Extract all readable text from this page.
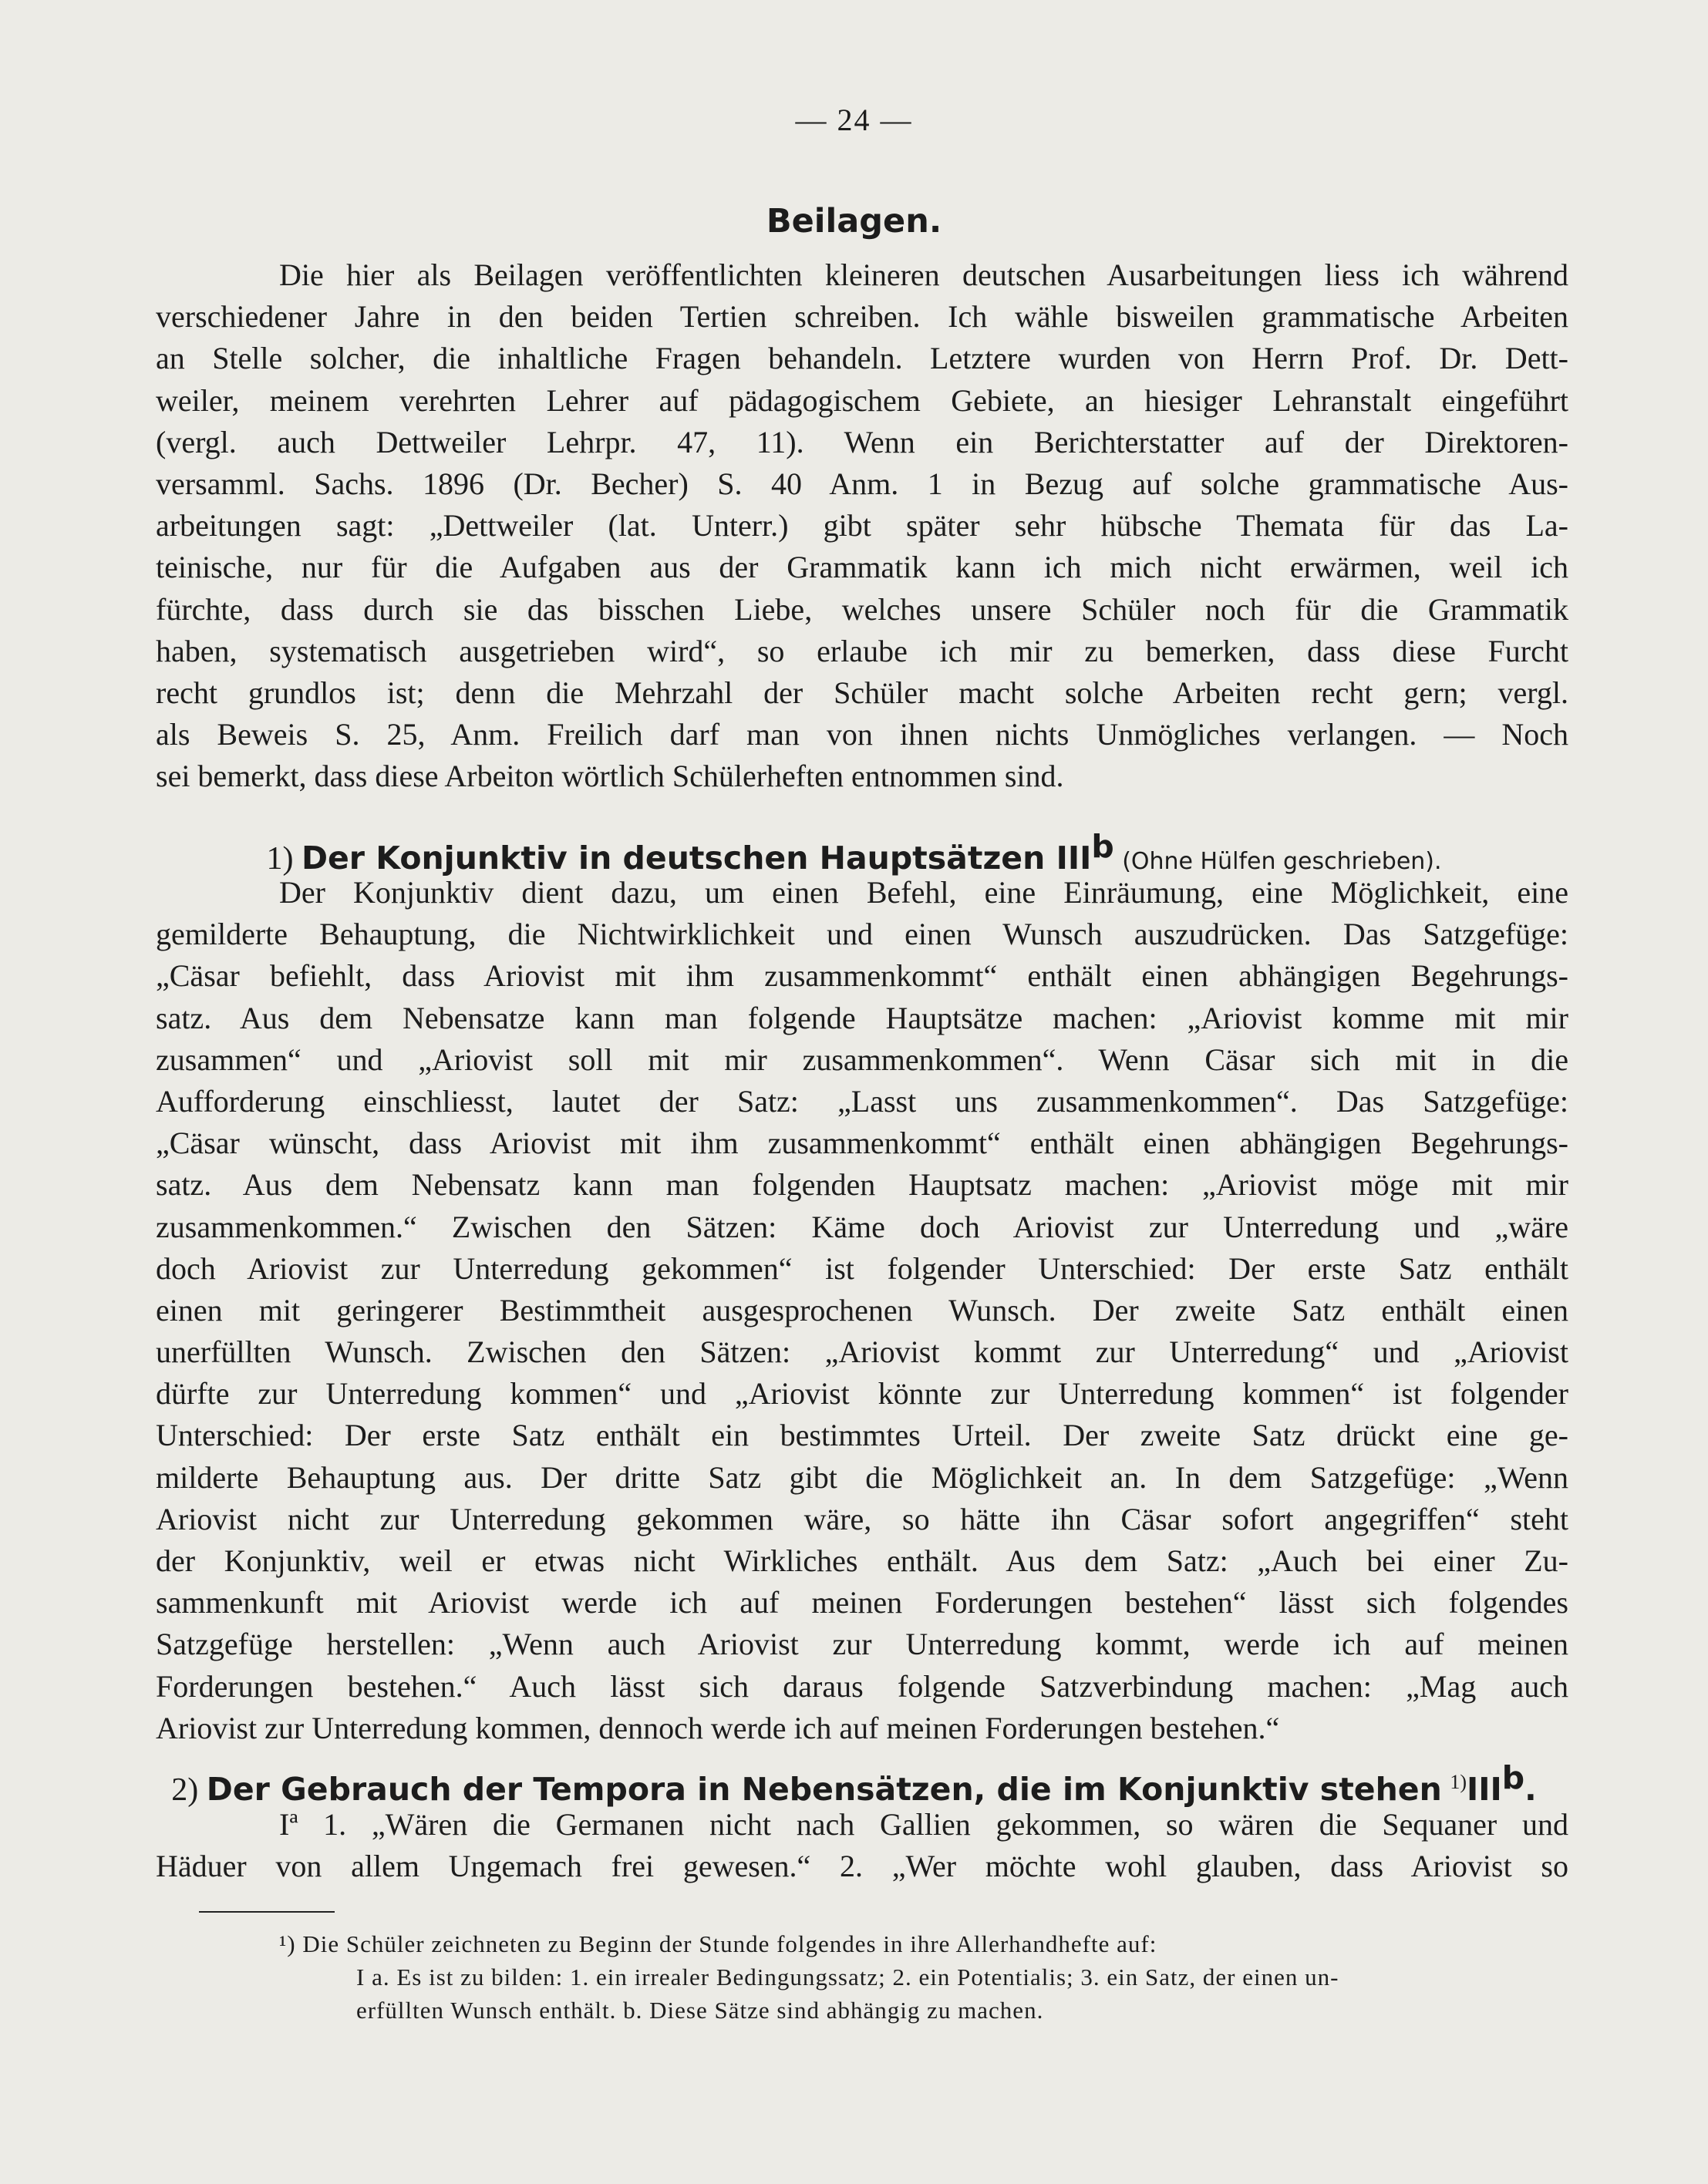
— 24 —
Beilagen.
Die hier als Beilagen veröffentlichten kleineren deutschen Ausarbeitungen liess ich während
verschiedener Jahre in den beiden Tertien schreiben. Ich wähle bisweilen grammatische Arbeiten
an Stelle solcher, die inhaltliche Fragen behandeln. Letztere wurden von Herrn Prof. Dr. Dett-
weiler, meinem verehrten Lehrer auf pädagogischem Gebiete, an hiesiger Lehranstalt eingeführt
(vergl. auch Dettweiler Lehrpr. 47, 11). Wenn ein Berichterstatter auf der Direktoren-
versamml. Sachs. 1896 (Dr. Becher) S. 40 Anm. 1 in Bezug auf solche grammatische Aus-
arbeitungen sagt: „Dettweiler (lat. Unterr.) gibt später sehr hübsche Themata für das La-
teinische, nur für die Aufgaben aus der Grammatik kann ich mich nicht erwärmen, weil ich
fürchte, dass durch sie das bisschen Liebe, welches unsere Schüler noch für die Grammatik
haben, systematisch ausgetrieben wird“, so erlaube ich mir zu bemerken, dass diese Furcht
recht grundlos ist; denn die Mehrzahl der Schüler macht solche Arbeiten recht gern; vergl.
als Beweis S. 25, Anm. Freilich darf man von ihnen nichts Unmögliches verlangen. — Noch
sei bemerkt, dass diese Arbeiton wörtlich Schülerheften entnommen sind.
1) Der Konjunktiv in deutschen Hauptsätzen IIIb (Ohne Hülfen geschrieben).
Der Konjunktiv dient dazu, um einen Befehl, eine Einräumung, eine Möglichkeit, eine
gemilderte Behauptung, die Nichtwirklichkeit und einen Wunsch auszudrücken. Das Satzgefüge:
„Cäsar befiehlt, dass Ariovist mit ihm zusammenkommt“ enthält einen abhängigen Begehrungs-
satz. Aus dem Nebensatze kann man folgende Hauptsätze machen: „Ariovist komme mit mir
zusammen“ und „Ariovist soll mit mir zusammenkommen“. Wenn Cäsar sich mit in die
Aufforderung einschliesst, lautet der Satz: „Lasst uns zusammenkommen“. Das Satzgefüge:
„Cäsar wünscht, dass Ariovist mit ihm zusammenkommt“ enthält einen abhängigen Begehrungs-
satz. Aus dem Nebensatz kann man folgenden Hauptsatz machen: „Ariovist möge mit mir
zusammenkommen.“ Zwischen den Sätzen: Käme doch Ariovist zur Unterredung und „wäre
doch Ariovist zur Unterredung gekommen“ ist folgender Unterschied: Der erste Satz enthält
einen mit geringerer Bestimmtheit ausgesprochenen Wunsch. Der zweite Satz enthält einen
unerfüllten Wunsch. Zwischen den Sätzen: „Ariovist kommt zur Unterredung“ und „Ariovist
dürfte zur Unterredung kommen“ und „Ariovist könnte zur Unterredung kommen“ ist folgender
Unterschied: Der erste Satz enthält ein bestimmtes Urteil. Der zweite Satz drückt eine ge-
milderte Behauptung aus. Der dritte Satz gibt die Möglichkeit an. In dem Satzgefüge: „Wenn
Ariovist nicht zur Unterredung gekommen wäre, so hätte ihn Cäsar sofort angegriffen“ steht
der Konjunktiv, weil er etwas nicht Wirkliches enthält. Aus dem Satz: „Auch bei einer Zu-
sammenkunft mit Ariovist werde ich auf meinen Forderungen bestehen“ lässt sich folgendes
Satzgefüge herstellen: „Wenn auch Ariovist zur Unterredung kommt, werde ich auf meinen
Forderungen bestehen.“ Auch lässt sich daraus folgende Satzverbindung machen: „Mag auch
Ariovist zur Unterredung kommen, dennoch werde ich auf meinen Forderungen bestehen.“
2) Der Gebrauch der Tempora in Nebensätzen, die im Konjunktiv stehen $^{1)}$IIIb.
Iª 1. „Wären die Germanen nicht nach Gallien gekommen, so wären die Sequaner und
Häduer von allem Ungemach frei gewesen.“ 2. „Wer möchte wohl glauben, dass Ariovist so
¹) Die Schüler zeichneten zu Beginn der Stunde folgendes in ihre Allerhandhefte auf:
I a. Es ist zu bilden: 1. ein irrealer Bedingungssatz; 2. ein Potentialis; 3. ein Satz, der einen un-
erfüllten Wunsch enthält. b. Diese Sätze sind abhängig zu machen.
